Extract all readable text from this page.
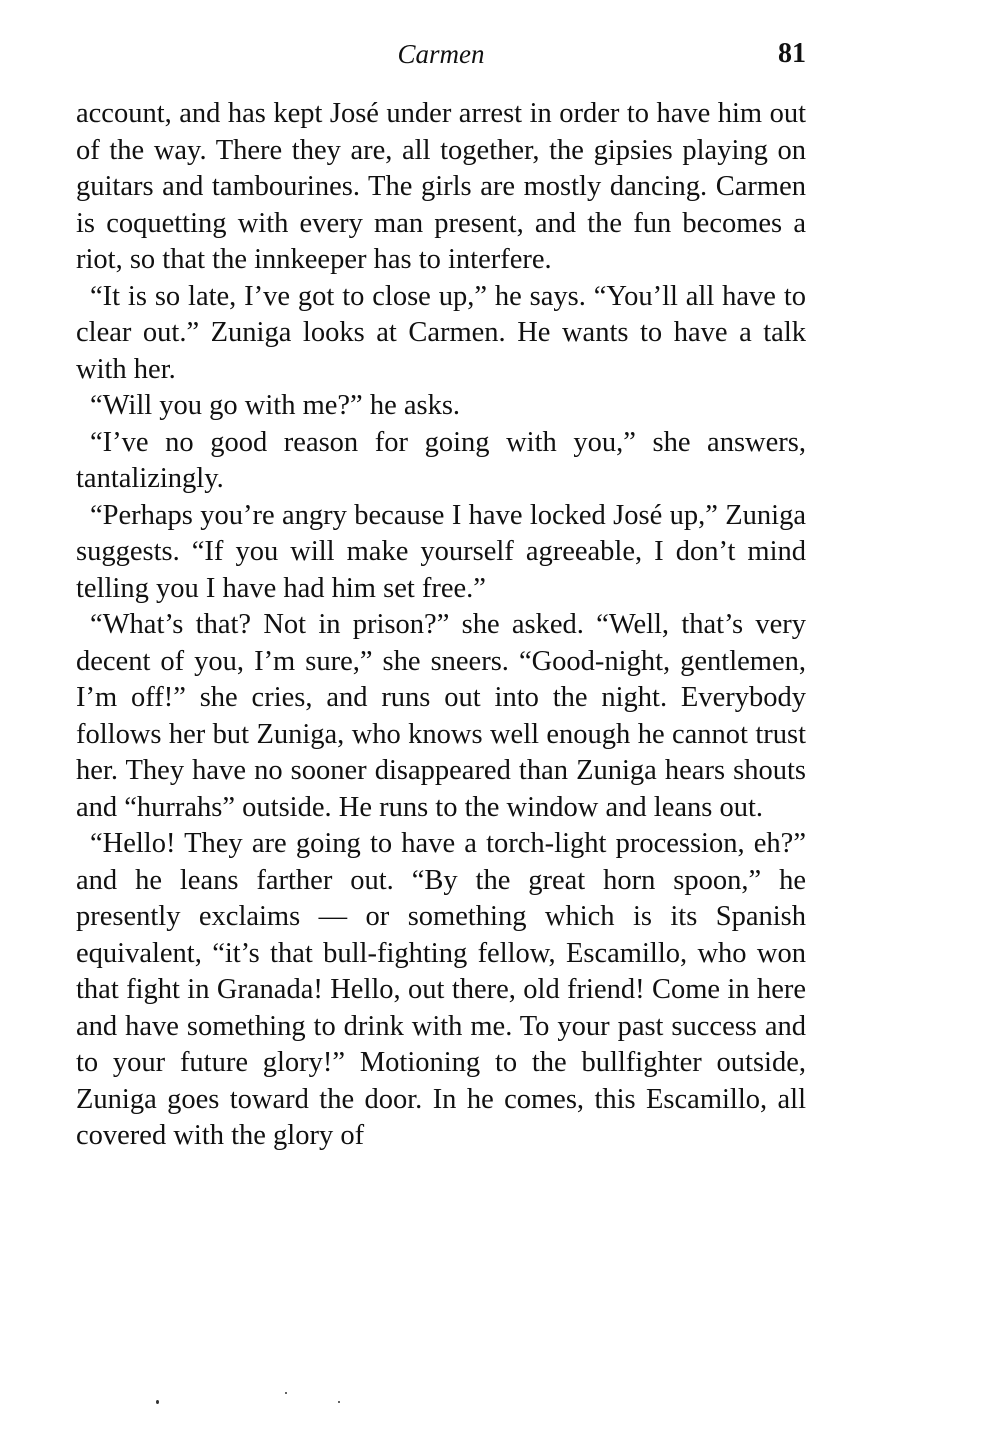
Carmen	81

account, and has kept José under arrest in order to have him out of the way. There they are, all together, the gipsies playing on guitars and tambourines. The girls are mostly dancing. Carmen is coquetting with every man present, and the fun becomes a riot, so that the innkeeper has to interfere.

“It is so late, I’ve got to close up,” he says. “You’ll all have to clear out.” Zuniga looks at Carmen. He wants to have a talk with her.

“Will you go with me?” he asks.

“I’ve no good reason for going with you,” she answers, tantalizingly.

“Perhaps you’re angry because I have locked José up,” Zuniga suggests. “If you will make yourself agreeable, I don’t mind telling you I have had him set free.”

“What’s that? Not in prison?” she asked. “Well, that’s very decent of you, I’m sure,” she sneers. “Good-night, gentlemen, I’m off!” she cries, and runs out into the night. Everybody follows her but Zuniga, who knows well enough he cannot trust her. They have no sooner disappeared than Zuniga hears shouts and “hurrahs” outside. He runs to the window and leans out.

“Hello! They are going to have a torch-light procession, eh?” and he leans farther out. “By the great horn spoon,” he presently exclaims — or something which is its Spanish equivalent, “it’s that bull-fighting fellow, Escamillo, who won that fight in Granada! Hello, out there, old friend! Come in here and have something to drink with me. To your past success and to your future glory!” Motioning to the bullfighter outside, Zuniga goes toward the door. In he comes, this Escamillo, all covered with the glory of
